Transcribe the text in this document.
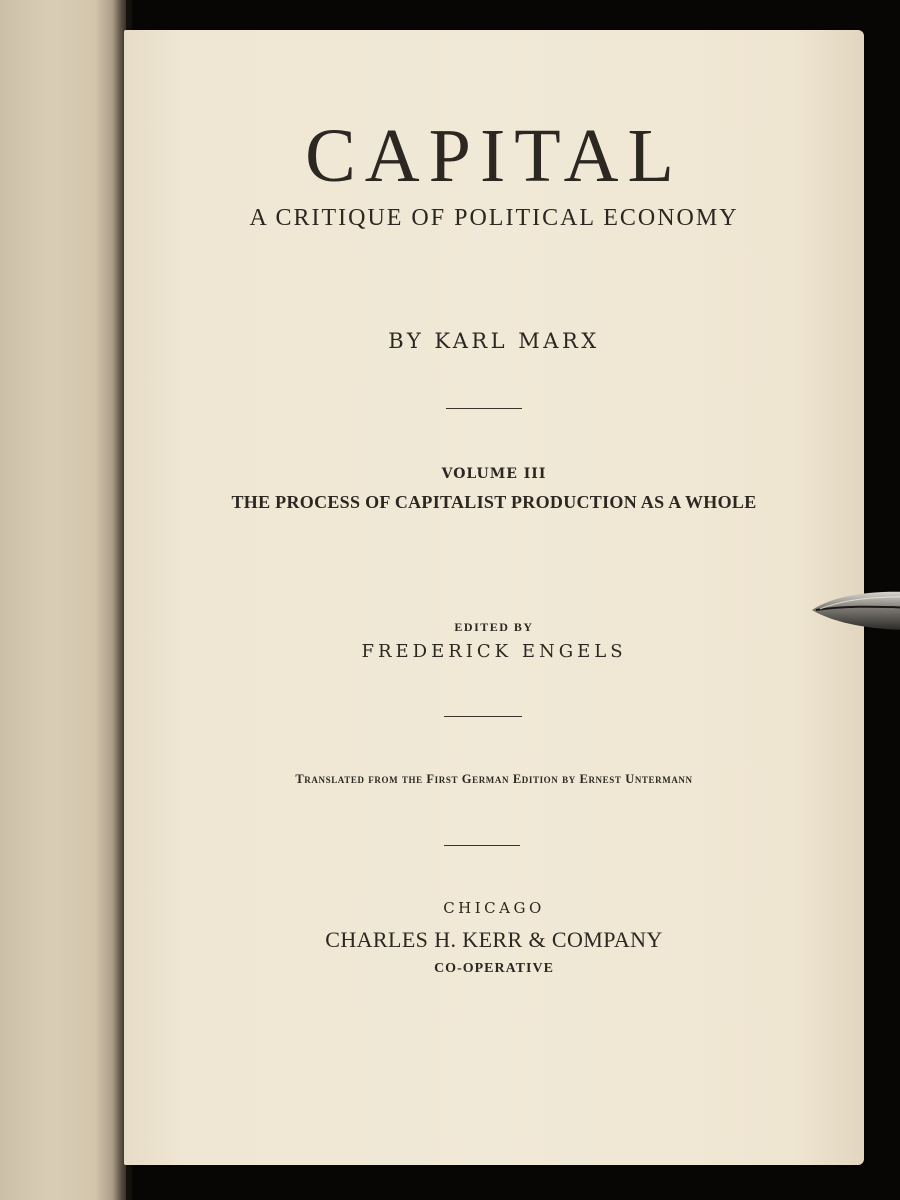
CAPITAL
A CRITIQUE OF POLITICAL ECONOMY
BY KARL MARX
VOLUME III
THE PROCESS OF CAPITALIST PRODUCTION AS A WHOLE
EDITED BY
FREDERICK ENGELS
Translated from the First German Edition by Ernest Untermann
CHICAGO
CHARLES H. KERR & COMPANY
CO-OPERATIVE
